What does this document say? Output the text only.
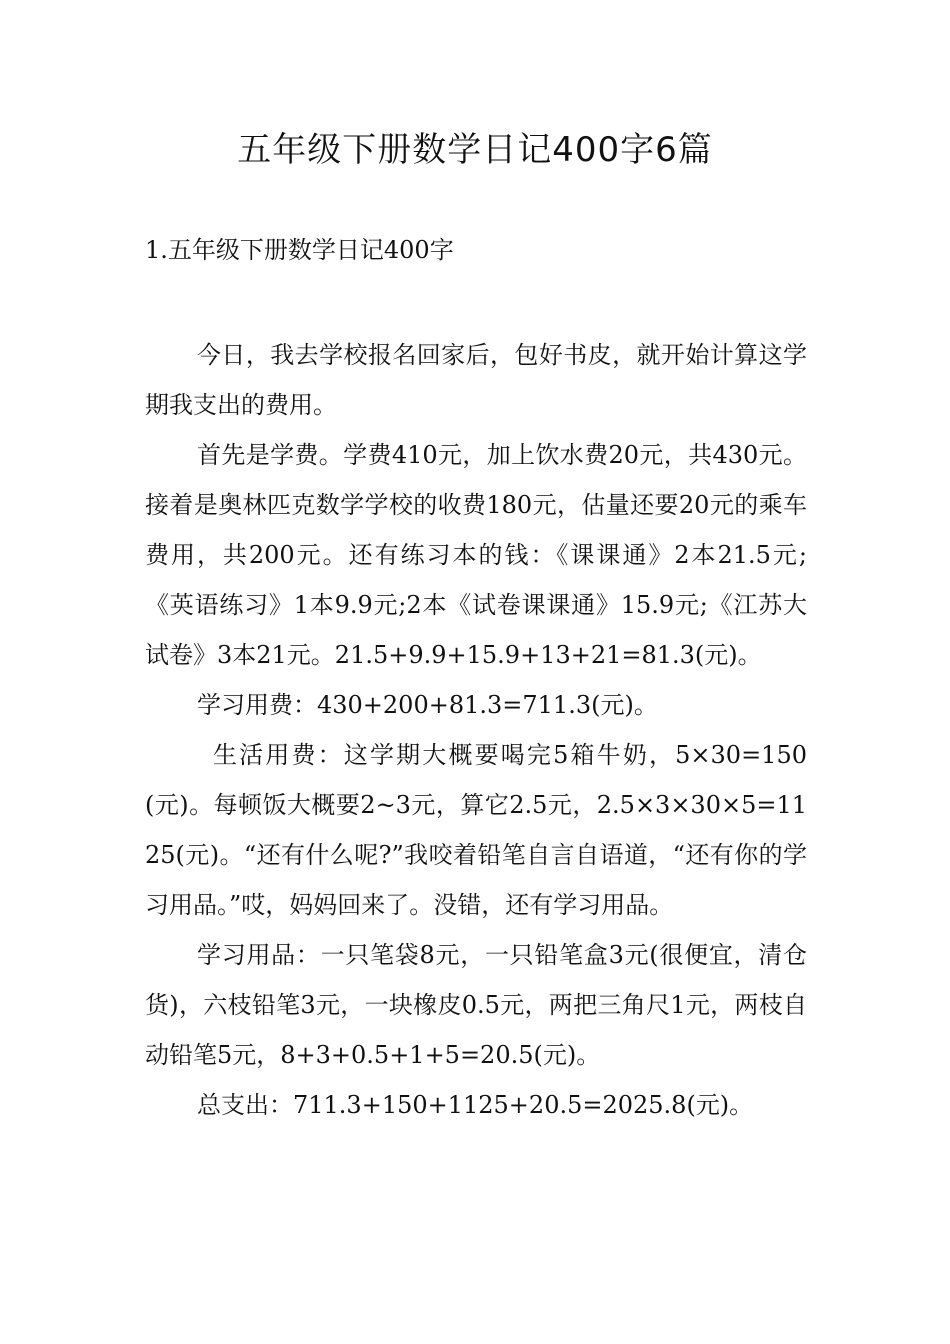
五年级下册数学日记400字6篇

1.五年级下册数学日记400字

今日，我去学校报名回家后，包好书皮，就开始计算这学期我支出的费用。

首先是学费。学费410元，加上饮水费20元，共430元。接着是奥林匹克数学学校的收费180元，估量还要20元的乘车费用，共200元。还有练习本的钱：《课课通》2本21.5元;《英语练习》1本9.9元;2本《试卷课课通》15.9元;《江苏大试卷》3本21元。21.5+9.9+15.9+13+21=81.3(元)。

学习用费：430+200+81.3=711.3(元)。

生活用费：这学期大概要喝完5箱牛奶，5×30=150(元)。每顿饭大概要2~3元，算它2.5元，2.5×3×30×5=1125(元)。“还有什么呢?”我咬着铅笔自言自语道，“还有你的学习用品。”哎，妈妈回来了。没错，还有学习用品。

学习用品：一只笔袋8元，一只铅笔盒3元(很便宜，清仓货)，六枝铅笔3元，一块橡皮0.5元，两把三角尺1元，两枝自动铅笔5元，8+3+0.5+1+5=20.5(元)。

总支出：711.3+150+1125+20.5=2025.8(元)。
